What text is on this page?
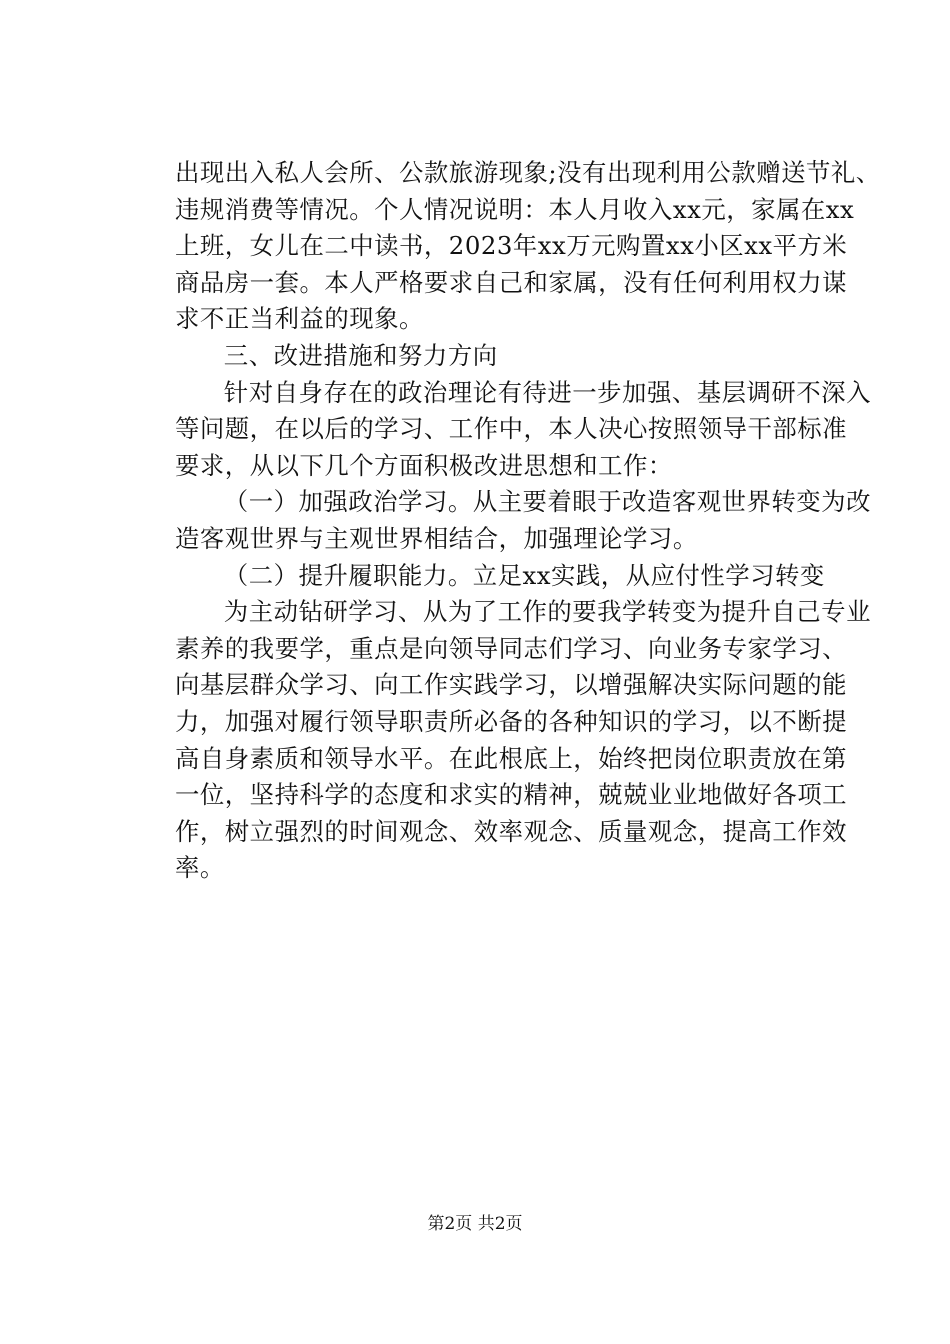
出现出入私人会所、公款旅游现象;没有出现利用公款赠送节礼、
违规消费等情况。个人情况说明：本人月收入xx元，家属在xx
上班，女儿在二中读书，2023年xx万元购置xx小区xx平方米
商品房一套。本人严格要求自己和家属，没有任何利用权力谋
求不正当利益的现象。
三、改进措施和努力方向
针对自身存在的政治理论有待进一步加强、基层调研不深入
等问题，在以后的学习、工作中，本人决心按照领导干部标准
要求，从以下几个方面积极改进思想和工作：
（一）加强政治学习。从主要着眼于改造客观世界转变为改
造客观世界与主观世界相结合，加强理论学习。
（二）提升履职能力。立足xx实践，从应付性学习转变
为主动钻研学习、从为了工作的要我学转变为提升自己专业
素养的我要学，重点是向领导同志们学习、向业务专家学习、
向基层群众学习、向工作实践学习，以增强解决实际问题的能
力，加强对履行领导职责所必备的各种知识的学习，以不断提
高自身素质和领导水平。在此根底上，始终把岗位职责放在第
一位，坚持科学的态度和求实的精神，兢兢业业地做好各项工
作，树立强烈的时间观念、效率观念、质量观念，提高工作效
率。
第2页 共2页
